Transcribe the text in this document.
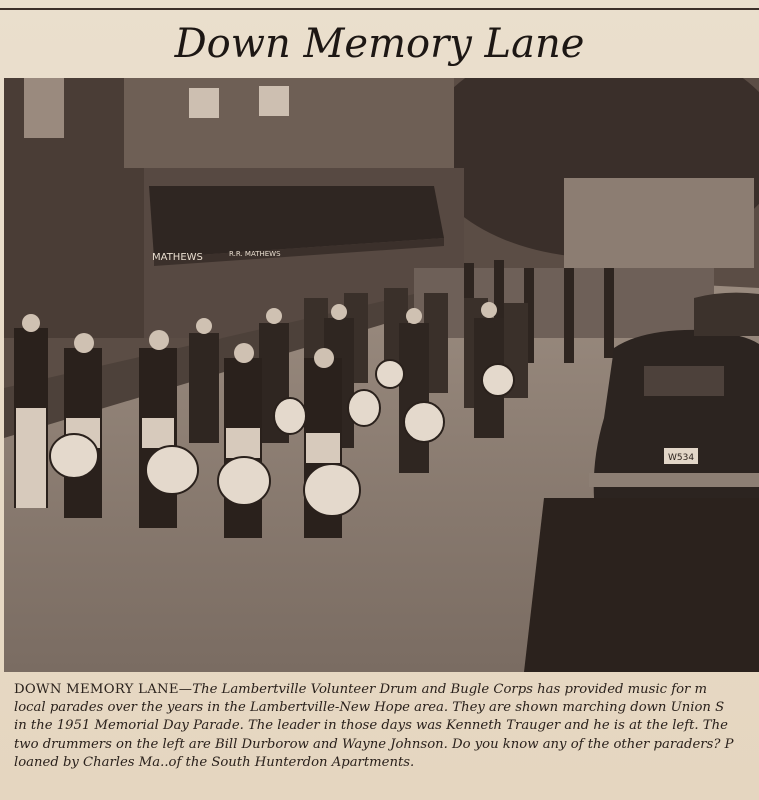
Down Memory Lane
MATHEWS	R.R. MATHEWS
W534
DOWN MEMORY LANE—The Lambertville Volunteer Drum and Bugle Corps has provided music for m
local parades over the years in the Lambertville-New Hope area. They are shown marching down Union S
in the 1951 Memorial Day Parade. The leader in those days was Kenneth Trauger and he is at the left. The
two drummers on the left are Bill Durborow and Wayne Johnson. Do you know any of the other paraders? P
loaned by Charles Ma..of the South Hunterdon Apartments.
